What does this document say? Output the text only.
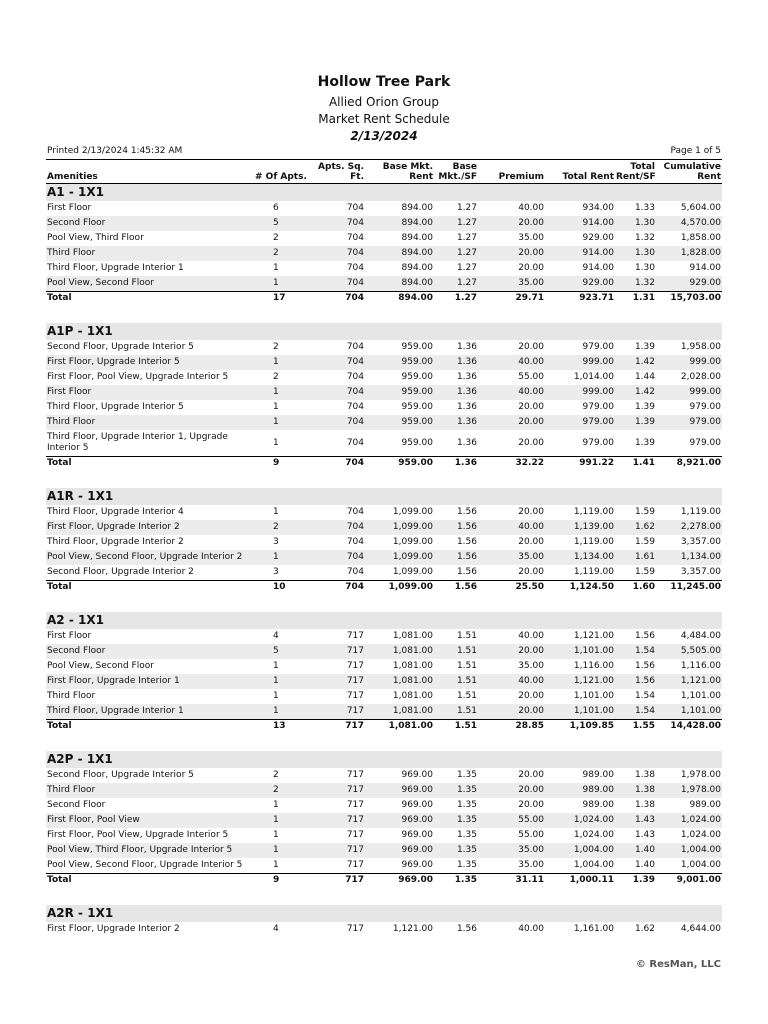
Hollow Tree Park
Allied Orion Group
Market Rent Schedule
2/13/2024
Printed 2/13/2024 1:45:32 AM	Page 1 of 5
Amenities	# Of Apts.	Apts. Sq. Ft.	Base Mkt. Rent	Base Mkt./SF	Premium	Total Rent	Total Rent/SF	Cumulative Rent
A1 - 1X1								
First Floor	6	704	894.00	1.27	40.00	934.00	1.33	5,604.00
Second Floor	5	704	894.00	1.27	20.00	914.00	1.30	4,570.00
Pool View, Third Floor	2	704	894.00	1.27	35.00	929.00	1.32	1,858.00
Third Floor	2	704	894.00	1.27	20.00	914.00	1.30	1,828.00
Third Floor, Upgrade Interior 1	1	704	894.00	1.27	20.00	914.00	1.30	914.00
Pool View, Second Floor	1	704	894.00	1.27	35.00	929.00	1.32	929.00
Total	17	704	894.00	1.27	29.71	923.71	1.31	15,703.00

A1P - 1X1								
Second Floor, Upgrade Interior 5	2	704	959.00	1.36	20.00	979.00	1.39	1,958.00
First Floor, Upgrade Interior 5	1	704	959.00	1.36	40.00	999.00	1.42	999.00
First Floor, Pool View, Upgrade Interior 5	2	704	959.00	1.36	55.00	1,014.00	1.44	2,028.00
First Floor	1	704	959.00	1.36	40.00	999.00	1.42	999.00
Third Floor, Upgrade Interior 5	1	704	959.00	1.36	20.00	979.00	1.39	979.00
Third Floor	1	704	959.00	1.36	20.00	979.00	1.39	979.00
Third Floor, Upgrade Interior 1, Upgrade Interior 5	1	704	959.00	1.36	20.00	979.00	1.39	979.00
Total	9	704	959.00	1.36	32.22	991.22	1.41	8,921.00

A1R - 1X1								
Third Floor, Upgrade Interior 4	1	704	1,099.00	1.56	20.00	1,119.00	1.59	1,119.00
First Floor, Upgrade Interior 2	2	704	1,099.00	1.56	40.00	1,139.00	1.62	2,278.00
Third Floor, Upgrade Interior 2	3	704	1,099.00	1.56	20.00	1,119.00	1.59	3,357.00
Pool View, Second Floor, Upgrade Interior 2	1	704	1,099.00	1.56	35.00	1,134.00	1.61	1,134.00
Second Floor, Upgrade Interior 2	3	704	1,099.00	1.56	20.00	1,119.00	1.59	3,357.00
Total	10	704	1,099.00	1.56	25.50	1,124.50	1.60	11,245.00

A2 - 1X1								
First Floor	4	717	1,081.00	1.51	40.00	1,121.00	1.56	4,484.00
Second Floor	5	717	1,081.00	1.51	20.00	1,101.00	1.54	5,505.00
Pool View, Second Floor	1	717	1,081.00	1.51	35.00	1,116.00	1.56	1,116.00
First Floor, Upgrade Interior 1	1	717	1,081.00	1.51	40.00	1,121.00	1.56	1,121.00
Third Floor	1	717	1,081.00	1.51	20.00	1,101.00	1.54	1,101.00
Third Floor, Upgrade Interior 1	1	717	1,081.00	1.51	20.00	1,101.00	1.54	1,101.00
Total	13	717	1,081.00	1.51	28.85	1,109.85	1.55	14,428.00

A2P - 1X1								
Second Floor, Upgrade Interior 5	2	717	969.00	1.35	20.00	989.00	1.38	1,978.00
Third Floor	2	717	969.00	1.35	20.00	989.00	1.38	1,978.00
Second Floor	1	717	969.00	1.35	20.00	989.00	1.38	989.00
First Floor, Pool View	1	717	969.00	1.35	55.00	1,024.00	1.43	1,024.00
First Floor, Pool View, Upgrade Interior 5	1	717	969.00	1.35	55.00	1,024.00	1.43	1,024.00
Pool View, Third Floor, Upgrade Interior 5	1	717	969.00	1.35	35.00	1,004.00	1.40	1,004.00
Pool View, Second Floor, Upgrade Interior 5	1	717	969.00	1.35	35.00	1,004.00	1.40	1,004.00
Total	9	717	969.00	1.35	31.11	1,000.11	1.39	9,001.00

A2R - 1X1								
First Floor, Upgrade Interior 2	4	717	1,121.00	1.56	40.00	1,161.00	1.62	4,644.00
© ResMan, LLC
